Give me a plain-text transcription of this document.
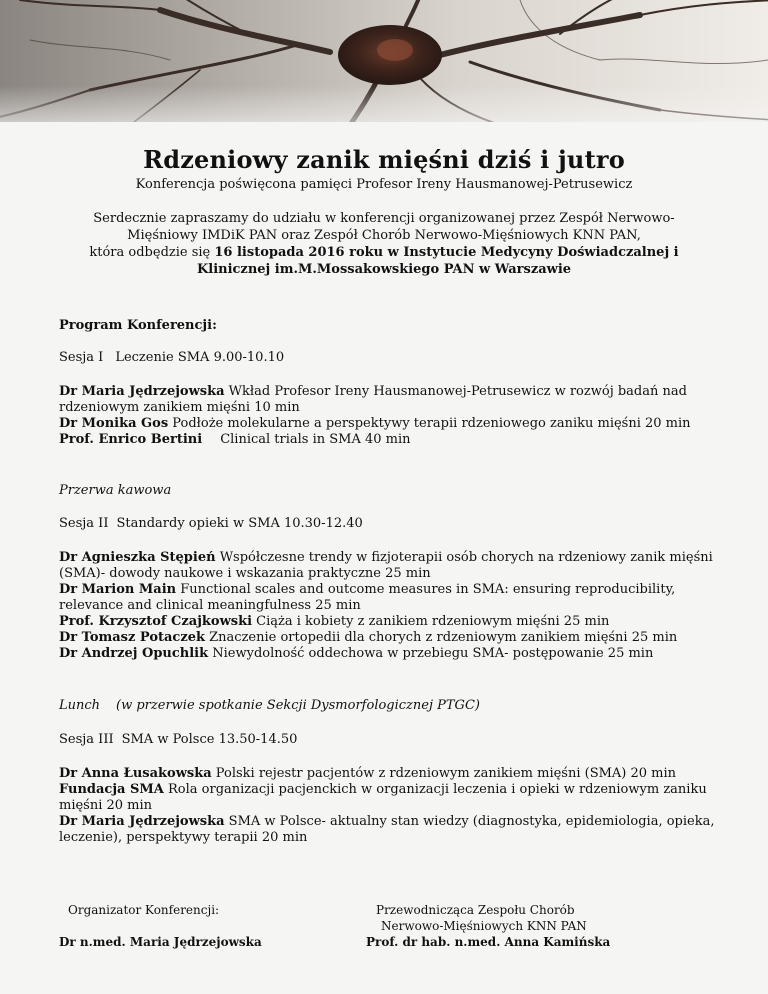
Rdzeniowy zanik mięśni dziś i jutro
Konferencja poświęcona pamięci Profesor Ireny Hausmanowej-Petrusewicz
Serdecznie zapraszamy do udziału w konferencji organizowanej przez Zespół Nerwowo-
Mięśniowy IMDiK PAN oraz Zespół Chorób Nerwowo-Mięśniowych KNN PAN,
która odbędzie się 16 listopada 2016 roku w Instytucie Medycyny Doświadczalnej i
Klinicznej im.M.Mossakowskiego PAN w Warszawie
Program Konferencji:
Sesja I Leczenie SMA 9.00-10.10
Dr Maria Jędrzejowska Wkład Profesor Ireny Hausmanowej-Petrusewicz w rozwój badań nad rdzeniowym zanikiem mięśni 10 min
Dr Monika Gos Podłoże molekularne a perspektywy terapii rdzeniowego zaniku mięśni 20 min
Prof. Enrico Bertini Clinical trials in SMA 40 min
Przerwa kawowa
Sesja II Standardy opieki w SMA 10.30-12.40
Dr Agnieszka Stępień Współczesne trendy w fizjoterapii osób chorych na rdzeniowy zanik mięśni (SMA)- dowody naukowe i wskazania praktyczne 25 min
Dr Marion Main Functional scales and outcome measures in SMA: ensuring reproducibility, relevance and clinical meaningfulness 25 min
Prof. Krzysztof Czajkowski Ciąża i kobiety z zanikiem rdzeniowym mięśni 25 min
Dr Tomasz Potaczek Znaczenie ortopedii dla chorych z rdzeniowym zanikiem mięśni 25 min
Dr Andrzej Opuchlik Niewydolność oddechowa w przebiegu SMA- postępowanie 25 min
Lunch (w przerwie spotkanie Sekcji Dysmorfologicznej PTGC)
Sesja III SMA w Polsce 13.50-14.50
Dr Anna Łusakowska Polski rejestr pacjentów z rdzeniowym zanikiem mięśni (SMA) 20 min
Fundacja SMA Rola organizacji pacjenckich w organizacji leczenia i opieki w rdzeniowym zaniku mięśni 20 min
Dr Maria Jędrzejowska SMA w Polsce- aktualny stan wiedzy (diagnostyka, epidemiologia, opieka, leczenie), perspektywy terapii 20 min
Organizator Konferencji:
Dr n.med. Maria Jędrzejowska
Przewodnicząca Zespołu Chorób
Nerwowo-Mięśniowych KNN PAN
Prof. dr hab. n.med. Anna Kamińska
